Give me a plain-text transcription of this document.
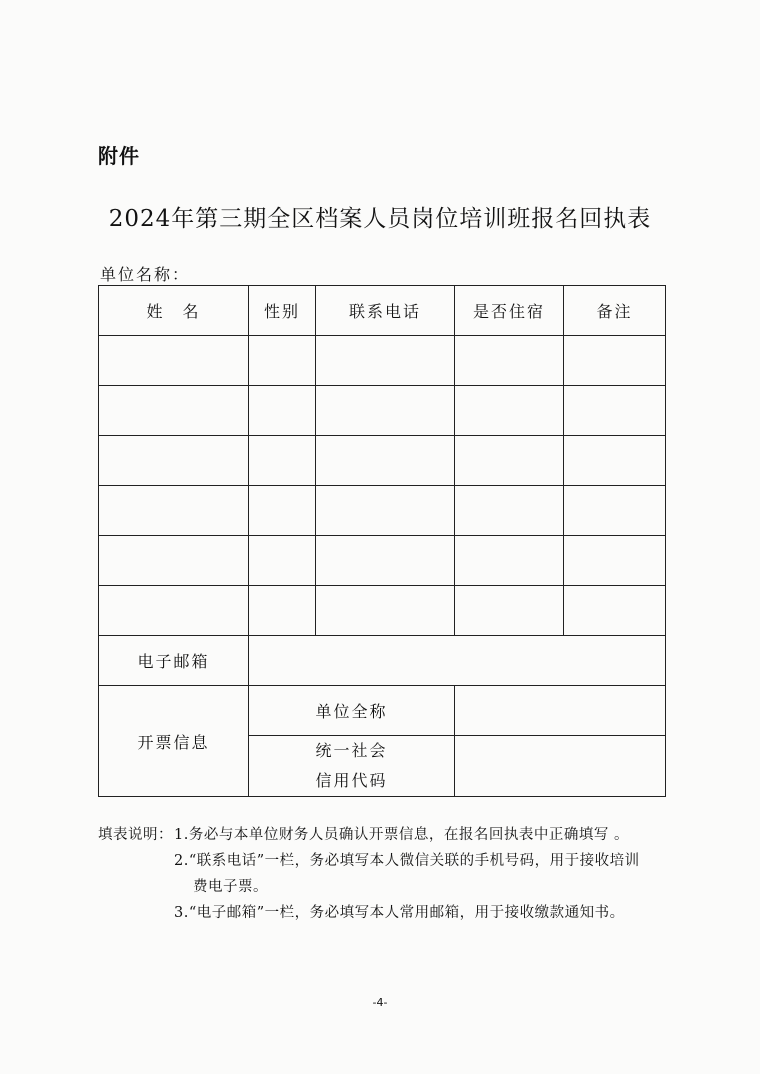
附件
2024年第三期全区档案人员岗位培训班报名回执表
单位名称：
姓　名	性别	联系电话	是否住宿	备注

电子邮箱				
开票信息	单位全称			

	统一社会
信用代码			

填表说明： 1.务必与本单位财务人员确认开票信息，在报名回执表中正确填写 。
2.“联系电话”一栏，务必填写本人微信关联的手机号码，用于接收培训
费电子票。
3.“电子邮箱”一栏，务必填写本人常用邮箱，用于接收缴款通知书。
-4-
